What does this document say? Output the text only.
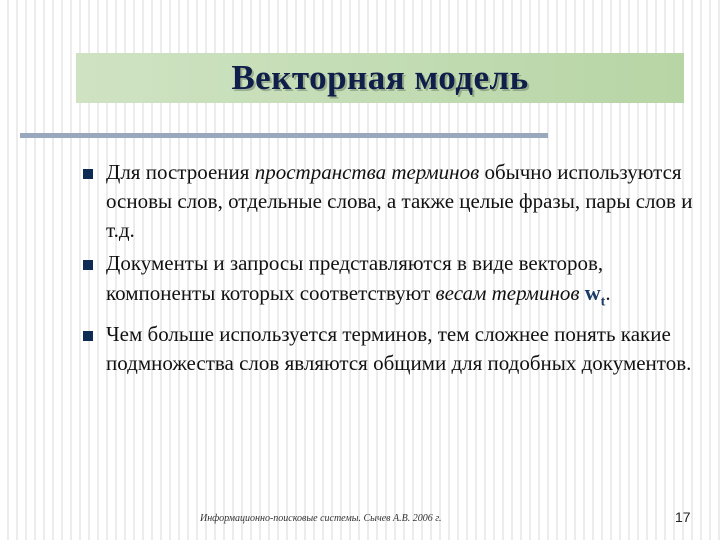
Векторная модель
Для построения пространства терминов обычно используются основы слов, отдельные слова, а также целые фразы, пары слов и т.д.
Документы и запросы представляются в виде векторов, компоненты которых соответствуют весам терминов $w_t$.
Чем больше используется терминов, тем сложнее понять какие подмножества слов являются общими для подобных документов.
Информационно-поисковые системы. Сычев А.В. 2006 г.	17
